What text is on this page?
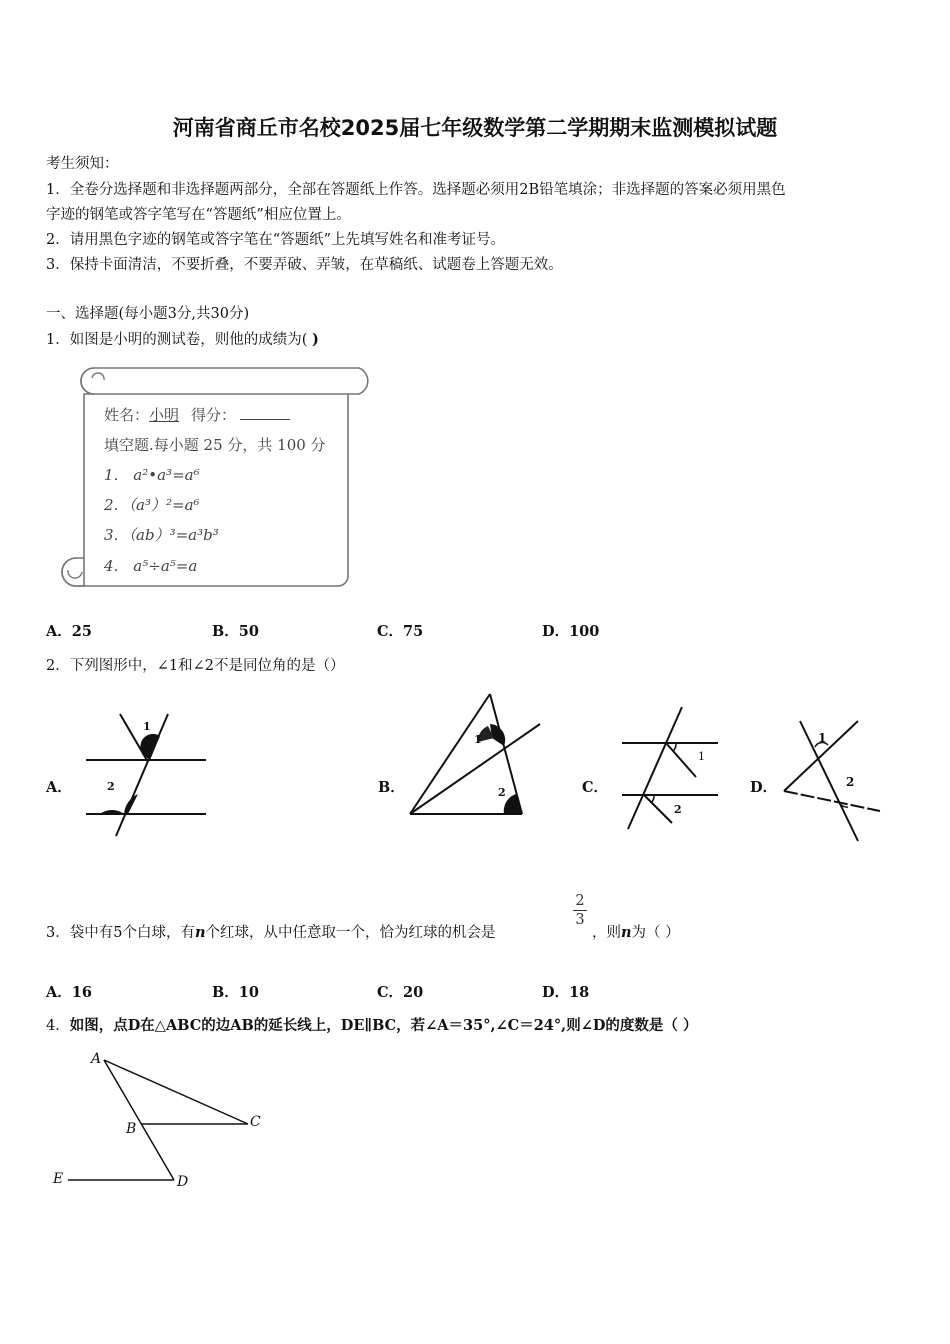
河南省商丘市名校2025届七年级数学第二学期期末监测模拟试题
考生须知：
1．全卷分选择题和非选择题两部分，全部在答题纸上作答。选择题必须用2B铅笔填涂；非选择题的答案必须用黑色
字迹的钢笔或答字笔写在“答题纸”相应位置上。
2．请用黑色字迹的钢笔或答字笔在“答题纸”上先填写姓名和准考证号。
3．保持卡面清洁，不要折叠，不要弄破、弄皱，在草稿纸、试题卷上答题无效。
一、选择题(每小题3分,共30分)
1．如图是小明的测试卷，则他的成绩为( )
姓名：小明 得分：
填空题.每小题 25 分，共 100 分
1． a²•a³=a⁶
2．（a³）²=a⁶
3．（ab）³=a³b³
4． a⁵÷a⁵=a
A．25	B．50	C．75	D．100
2．下列图形中，∠1和∠2不是同位角的是（）
A．
1
2	B．
1
2	C．
1
2
D．
1
2
3．袋中有5个白球，有n个红球，从中任意取一个，恰为红球的机会是
2
3
，则n为（ ）
A．16	B．10	C．20	D．18
4．如图，点D在△ABC的边AB的延长线上，DE∥BC，若∠A＝35°,∠C＝24°,则∠D的度数是（ ）
A
B	C
D
E
